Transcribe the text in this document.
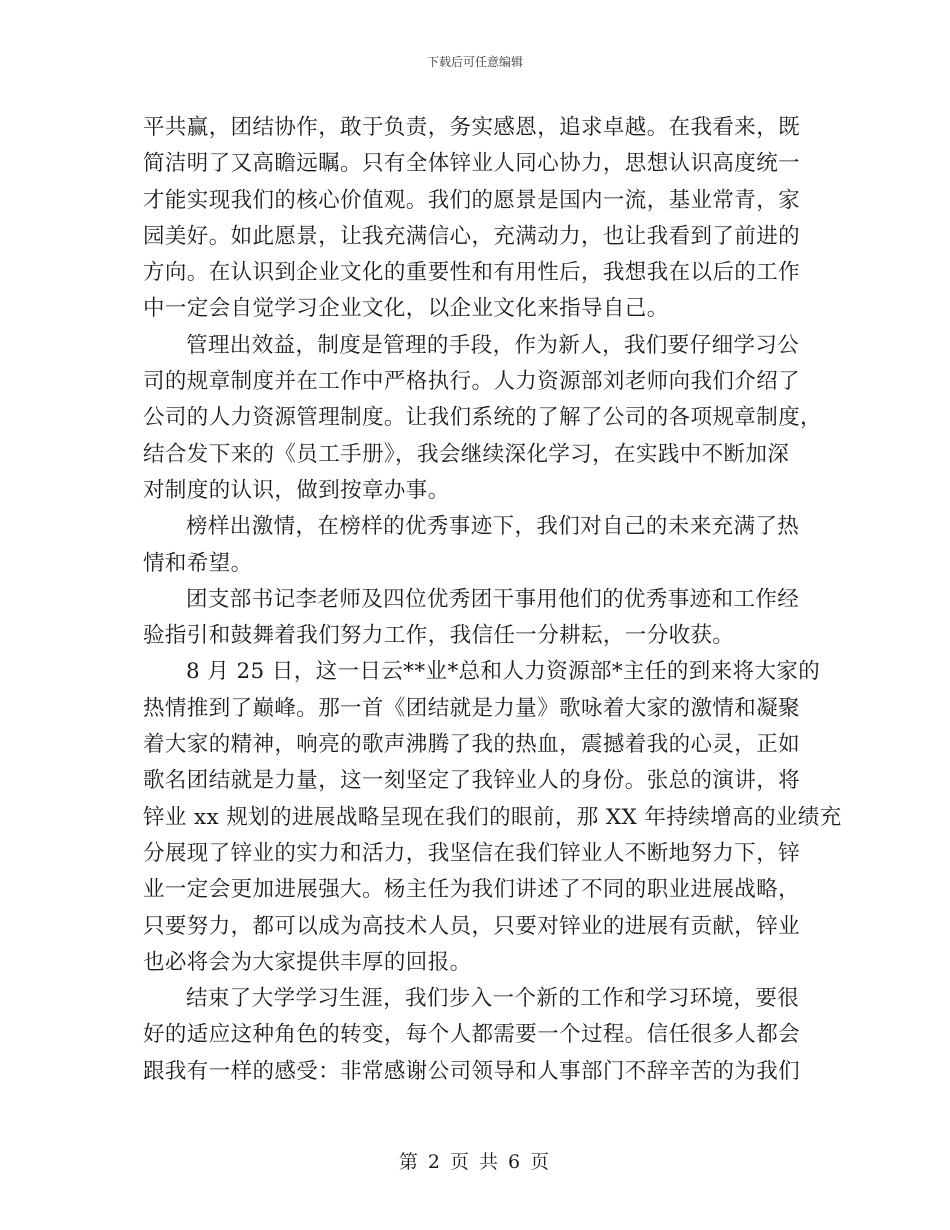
下载后可任意编辑

平共赢，团结协作，敢于负责，务实感恩，追求卓越。在我看来，既
简洁明了又高瞻远瞩。只有全体锌业人同心协力，思想认识高度统一
才能实现我们的核心价值观。我们的愿景是国内一流，基业常青，家
园美好。如此愿景，让我充满信心，充满动力，也让我看到了前进的
方向。在认识到企业文化的重要性和有用性后，我想我在以后的工作
中一定会自觉学习企业文化，以企业文化来指导自己。

管理出效益，制度是管理的手段，作为新人，我们要仔细学习公
司的规章制度并在工作中严格执行。人力资源部刘老师向我们介绍了
公司的人力资源管理制度。让我们系统的了解了公司的各项规章制度，
结合发下来的《员工手册》，我会继续深化学习，在实践中不断加深
对制度的认识，做到按章办事。

榜样出激情，在榜样的优秀事迹下，我们对自己的未来充满了热
情和希望。

团支部书记李老师及四位优秀团干事用他们的优秀事迹和工作经
验指引和鼓舞着我们努力工作，我信任一分耕耘，一分收获。

8 月 25 日，这一日云**业*总和人力资源部*主任的到来将大家的
热情推到了巅峰。那一首《团结就是力量》歌咏着大家的激情和凝聚
着大家的精神，响亮的歌声沸腾了我的热血，震撼着我的心灵，正如
歌名团结就是力量，这一刻坚定了我锌业人的身份。张总的演讲，将
锌业 xx 规划的进展战略呈现在我们的眼前，那 XX 年持续增高的业绩充
分展现了锌业的实力和活力，我坚信在我们锌业人不断地努力下，锌
业一定会更加进展强大。杨主任为我们讲述了不同的职业进展战略，
只要努力，都可以成为高技术人员，只要对锌业的进展有贡献，锌业
也必将会为大家提供丰厚的回报。

结束了大学学习生涯，我们步入一个新的工作和学习环境，要很
好的适应这种角色的转变，每个人都需要一个过程。信任很多人都会
跟我有一样的感受：非常感谢公司领导和人事部门不辞辛苦的为我们

第 2 页 共 6 页
